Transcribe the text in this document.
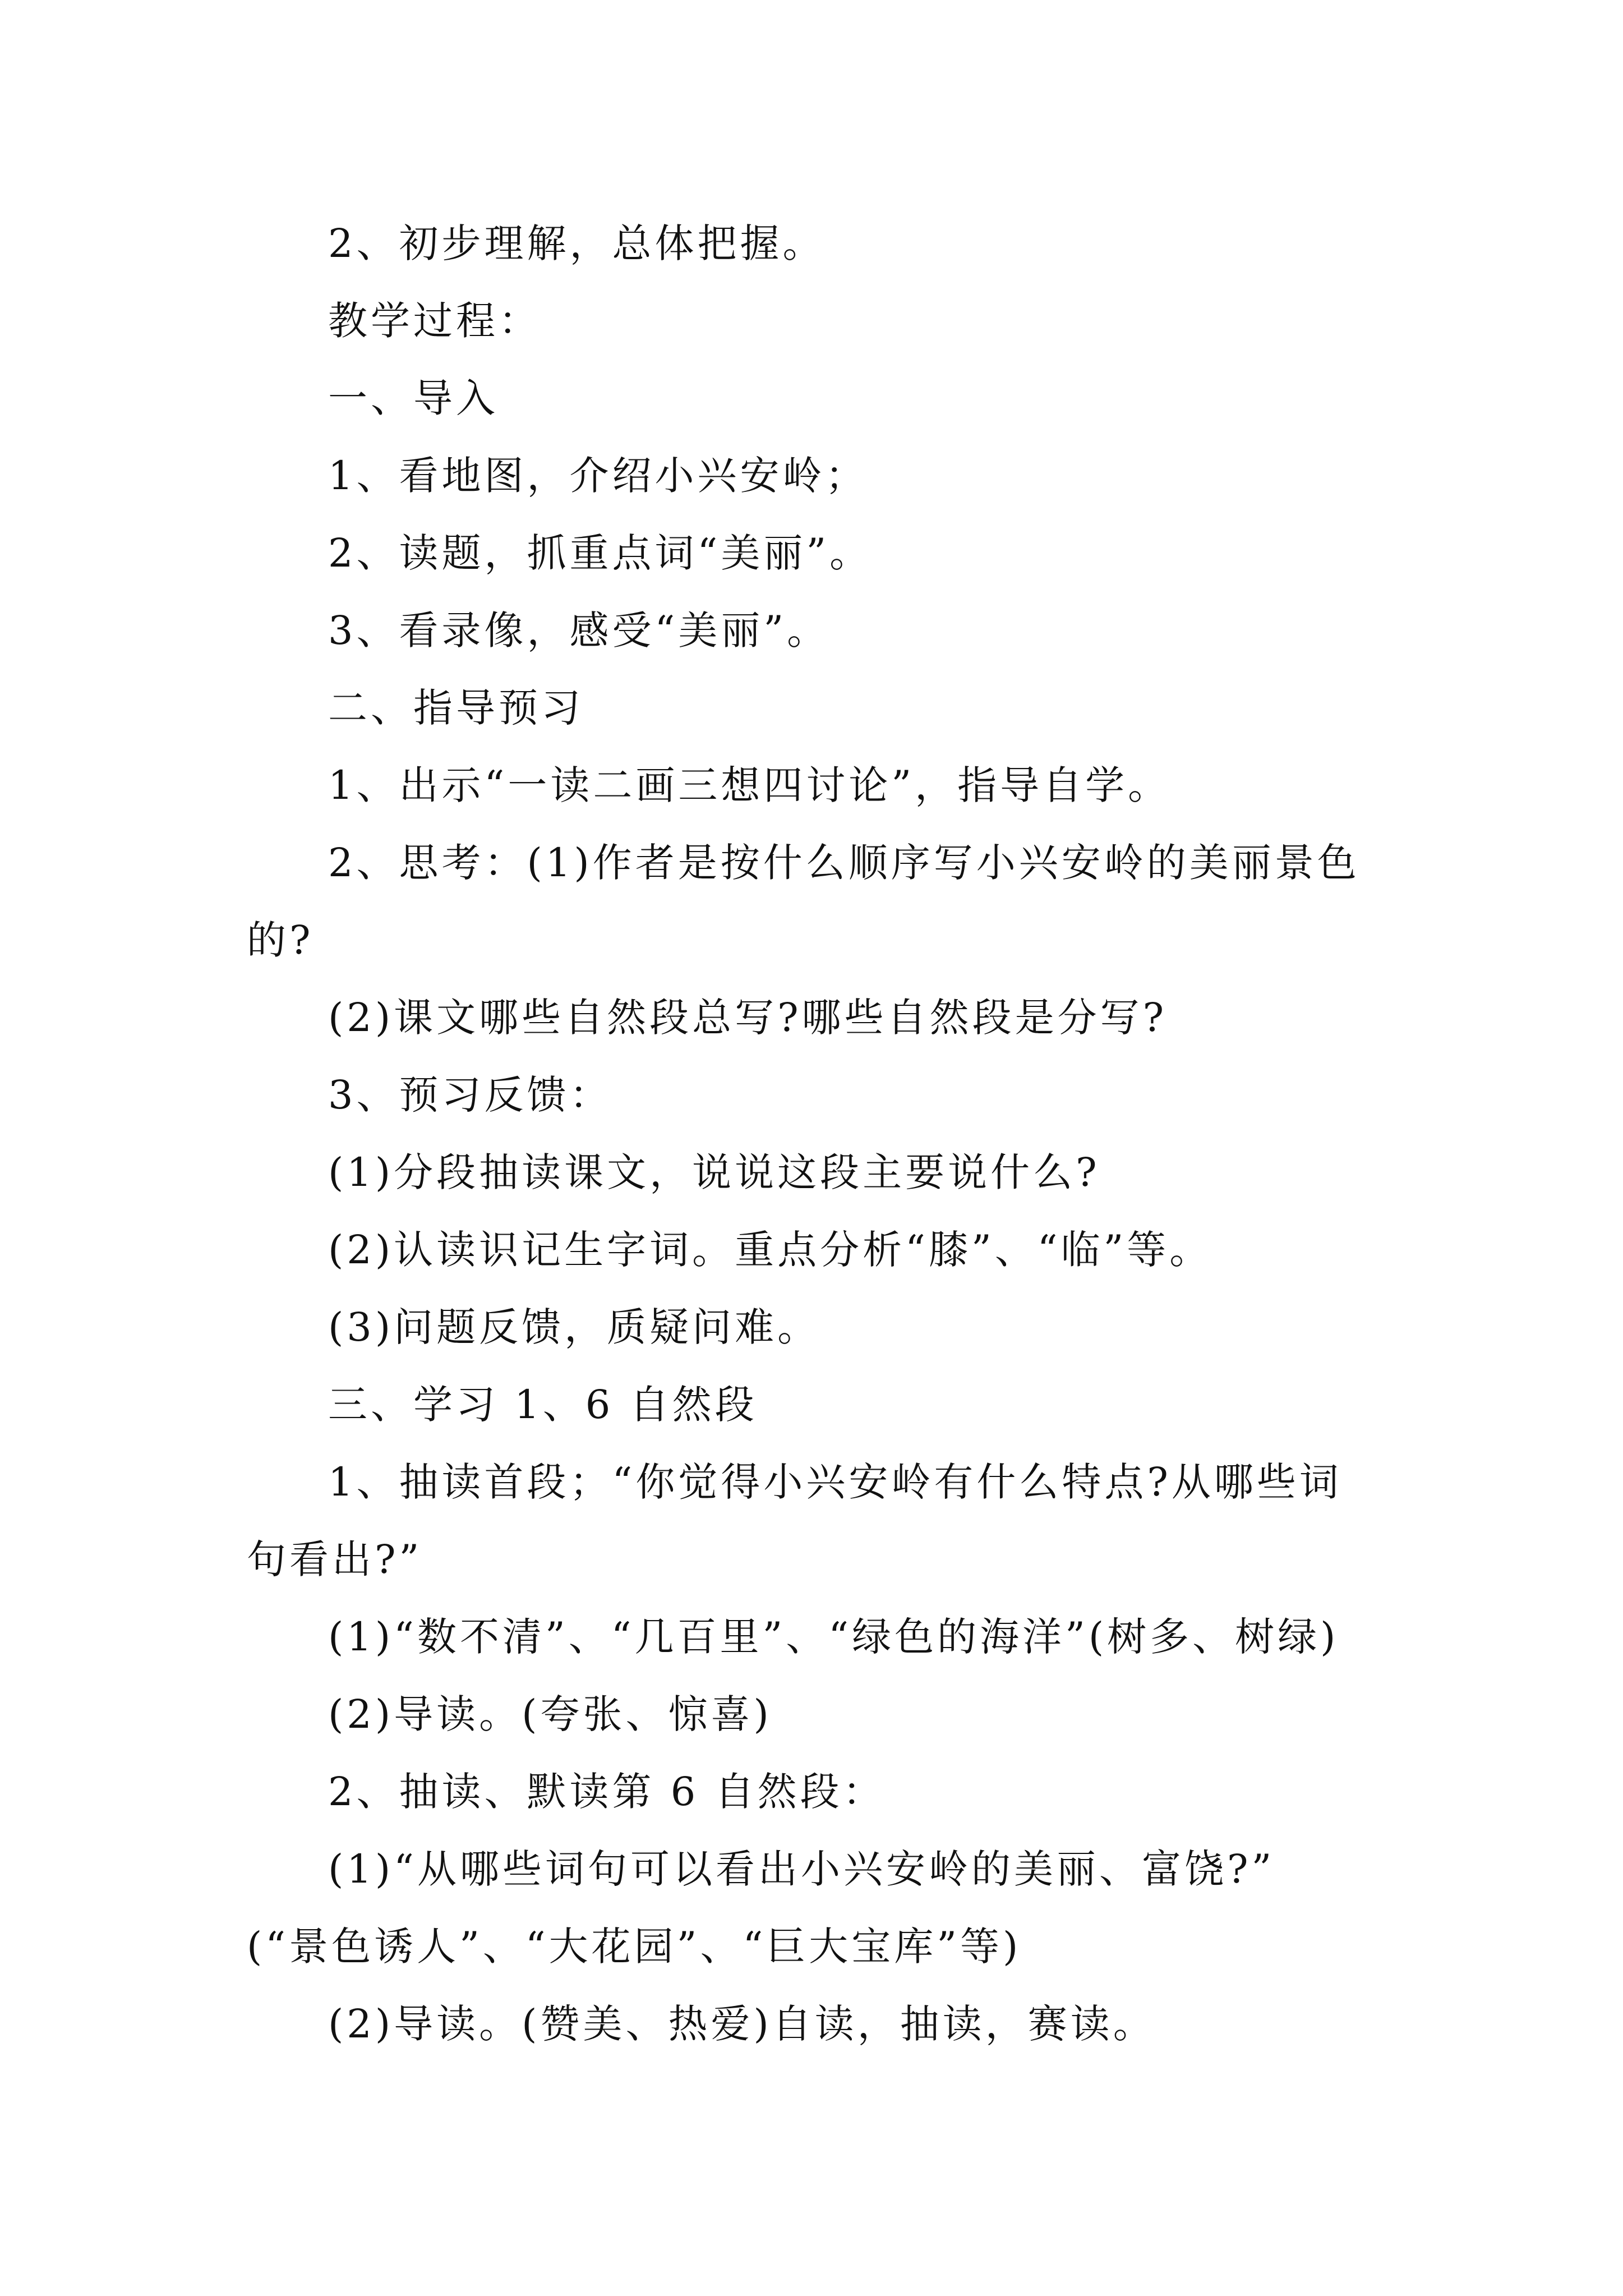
2、初步理解，总体把握。
教学过程：
一、导入
1、看地图，介绍小兴安岭；
2、读题，抓重点词“美丽”。
3、看录像，感受“美丽”。
二、指导预习
1、出示“一读二画三想四讨论”，指导自学。
2、思考：(1)作者是按什么顺序写小兴安岭的美丽景色
的?
(2)课文哪些自然段总写?哪些自然段是分写?
3、预习反馈：
(1)分段抽读课文，说说这段主要说什么?
(2)认读识记生字词。重点分析“膝”、“临”等。
(3)问题反馈，质疑问难。
三、学习 1、6 自然段
1、抽读首段；“你觉得小兴安岭有什么特点?从哪些词
句看出?”
(1)“数不清”、“几百里”、“绿色的海洋”(树多、树绿)
(2)导读。(夸张、惊喜)
2、抽读、默读第 6 自然段：
(1)“从哪些词句可以看出小兴安岭的美丽、富饶?”
(“景色诱人”、“大花园”、“巨大宝库”等)
(2)导读。(赞美、热爱)自读，抽读，赛读。
